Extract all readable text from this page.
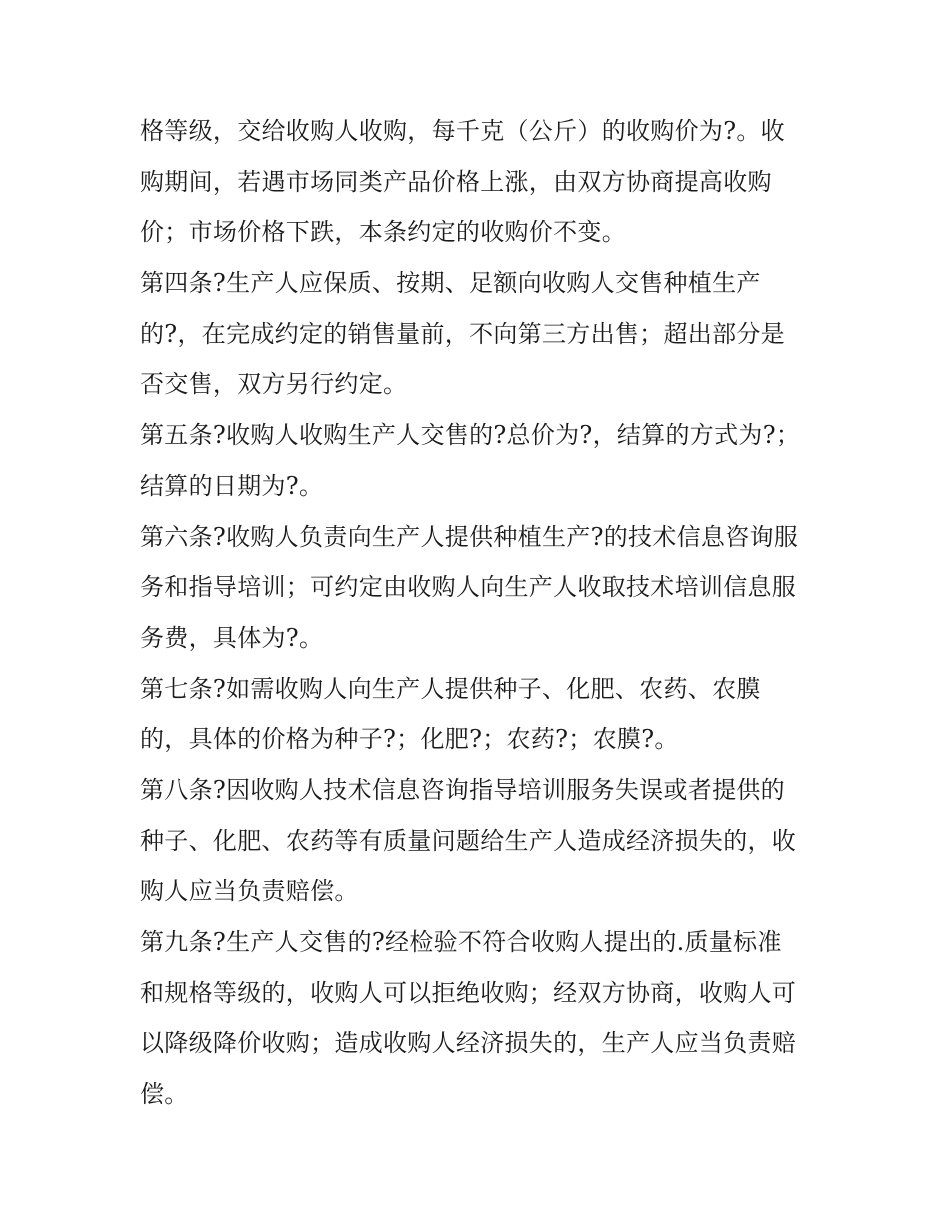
格等级，交给收购人收购，每千克（公斤）的收购价为?。收
购期间，若遇市场同类产品价格上涨，由双方协商提高收购
价；市场价格下跌，本条约定的收购价不变。
第四条?生产人应保质、按期、足额向收购人交售种植生产
的?，在完成约定的销售量前，不向第三方出售；超出部分是
否交售，双方另行约定。
第五条?收购人收购生产人交售的?总价为?，结算的方式为?；
结算的日期为?。
第六条?收购人负责向生产人提供种植生产?的技术信息咨询服
务和指导培训；可约定由收购人向生产人收取技术培训信息服
务费，具体为?。
第七条?如需收购人向生产人提供种子、化肥、农药、农膜
的，具体的价格为种子?；化肥?；农药?；农膜?。
第八条?因收购人技术信息咨询指导培训服务失误或者提供的
种子、化肥、农药等有质量问题给生产人造成经济损失的，收
购人应当负责赔偿。
第九条?生产人交售的?经检验不符合收购人提出的.质量标准
和规格等级的，收购人可以拒绝收购；经双方协商，收购人可
以降级降价收购；造成收购人经济损失的，生产人应当负责赔
偿。
